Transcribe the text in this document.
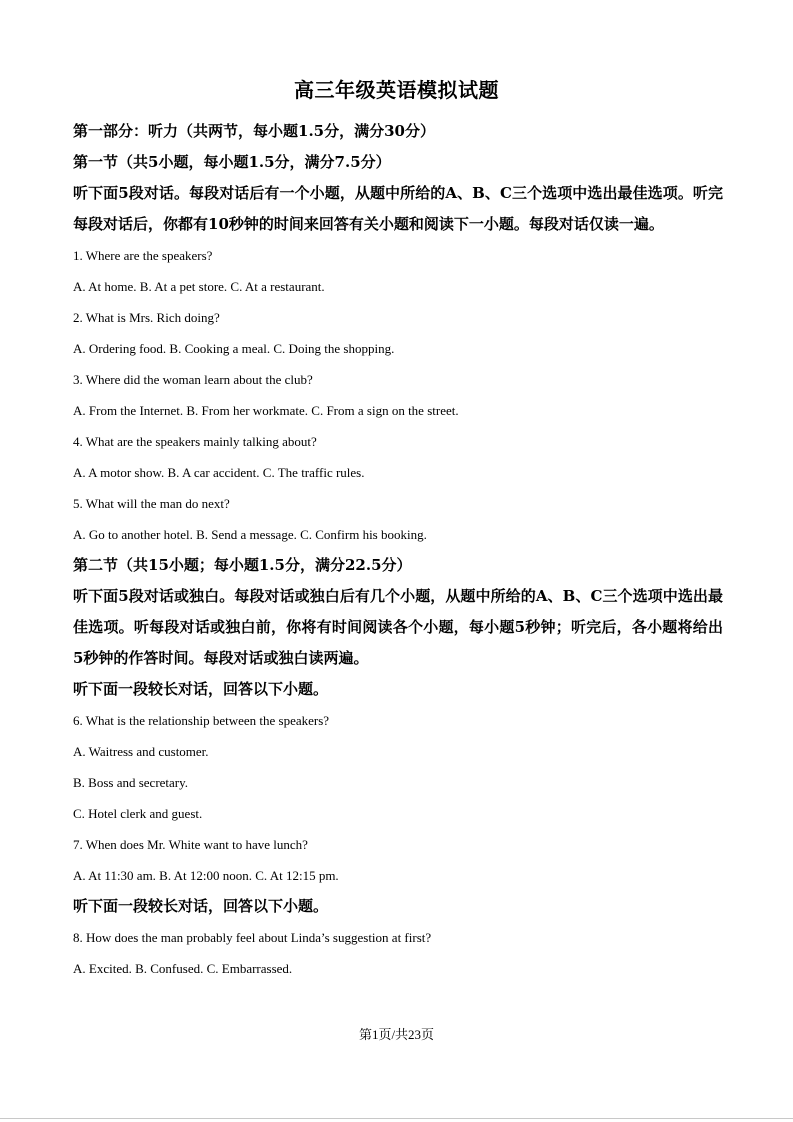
高三年级英语模拟试题
第一部分：听力（共两节，每小题1.5分，满分30分）
第一节（共5小题，每小题1.5分，满分7.5分）
听下面5段对话。每段对话后有一个小题，从题中所给的A、B、C三个选项中选出最佳选项。听完每段对话后，你都有10秒钟的时间来回答有关小题和阅读下一小题。每段对话仅读一遍。
1. Where are the speakers?
A. At home. B. At a pet store. C. At a restaurant.
2. What is Mrs. Rich doing?
A. Ordering food. B. Cooking a meal. C. Doing the shopping.
3. Where did the woman learn about the club?
A. From the Internet. B. From her workmate. C. From a sign on the street.
4. What are the speakers mainly talking about?
A. A motor show. B. A car accident. C. The traffic rules.
5. What will the man do next?
A. Go to another hotel. B. Send a message. C. Confirm his booking.
第二节（共15小题；每小题1.5分，满分22.5分）
听下面5段对话或独白。每段对话或独白后有几个小题，从题中所给的A、B、C三个选项中选出最佳选项。听每段对话或独白前，你将有时间阅读各个小题，每小题5秒钟；听完后，各小题将给出5秒钟的作答时间。每段对话或独白读两遍。
听下面一段较长对话，回答以下小题。
6. What is the relationship between the speakers?
A. Waitress and customer.
B. Boss and secretary.
C. Hotel clerk and guest.
7. When does Mr. White want to have lunch?
A. At 11:30 am. B. At 12:00 noon. C. At 12:15 pm.
听下面一段较长对话，回答以下小题。
8. How does the man probably feel about Linda’s suggestion at first?
A. Excited. B. Confused. C. Embarrassed.
第1页/共23页
